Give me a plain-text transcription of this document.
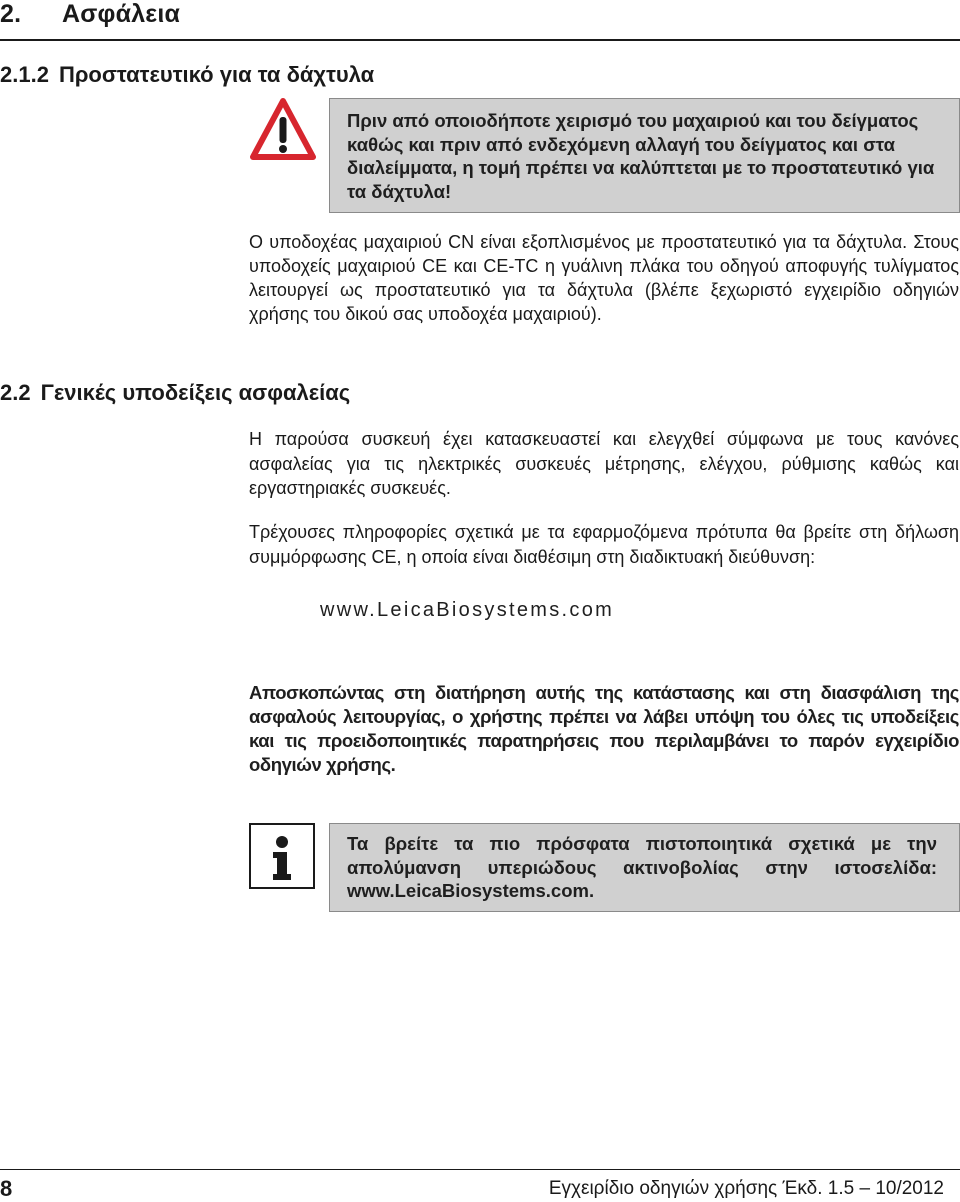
2. Ασφάλεια
2.1.2 Προστατευτικό για τα δάχτυλα
Πριν από οποιοδήποτε χειρισμό του μαχαιριού και του δείγματος καθώς και πριν από ενδεχόμενη αλλαγή του δείγματος και στα διαλείμματα, η τομή πρέπει να καλύπτεται με το προστατευτικό για τα δάχτυλα!
Ο υποδοχέας μαχαιριού CN είναι εξοπλισμένος με προστατευτικό για τα δάχτυλα. Στους υποδοχείς μαχαιριού CE και CE-TC η γυάλινη πλάκα του οδηγού αποφυγής τυλίγματος λειτουργεί ως προστατευτικό για τα δάχτυλα (βλέπε ξεχωριστό εγχειρίδιο οδηγιών χρήσης του δικού σας υποδοχέα μαχαιριού).
2.2 Γενικές υποδείξεις ασφαλείας
Η παρούσα συσκευή έχει κατασκευαστεί και ελεγχθεί σύμφωνα με τους κανόνες ασφαλείας για τις ηλεκτρικές συσκευές μέτρησης, ελέγχου, ρύθμισης καθώς και εργαστηριακές συσκευές.
Τρέχουσες πληροφορίες σχετικά με τα εφαρμοζόμενα πρότυπα θα βρείτε στη δήλωση συμμόρφωσης CE, η οποία είναι διαθέσιμη στη διαδικτυακή διεύθυνση:
www.LeicaBiosystems.com
Αποσκοπώντας στη διατήρηση αυτής της κατάστασης και στη διασφάλιση της ασφαλούς λειτουργίας, ο χρήστης πρέπει να λάβει υπόψη του όλες τις υποδείξεις και τις προειδοποιητικές παρατηρήσεις που περιλαμβάνει το παρόν εγχειρίδιο οδηγιών χρήσης.
Τα βρείτε τα πιο πρόσφατα πιστοποιητικά σχετικά με την απολύμανση υπεριώδους ακτινοβολίας στην ιστοσελίδα: www.LeicaBiosystems.com.
8	Εγχειρίδιο οδηγιών χρήσης Έκδ. 1.5 – 10/2012
